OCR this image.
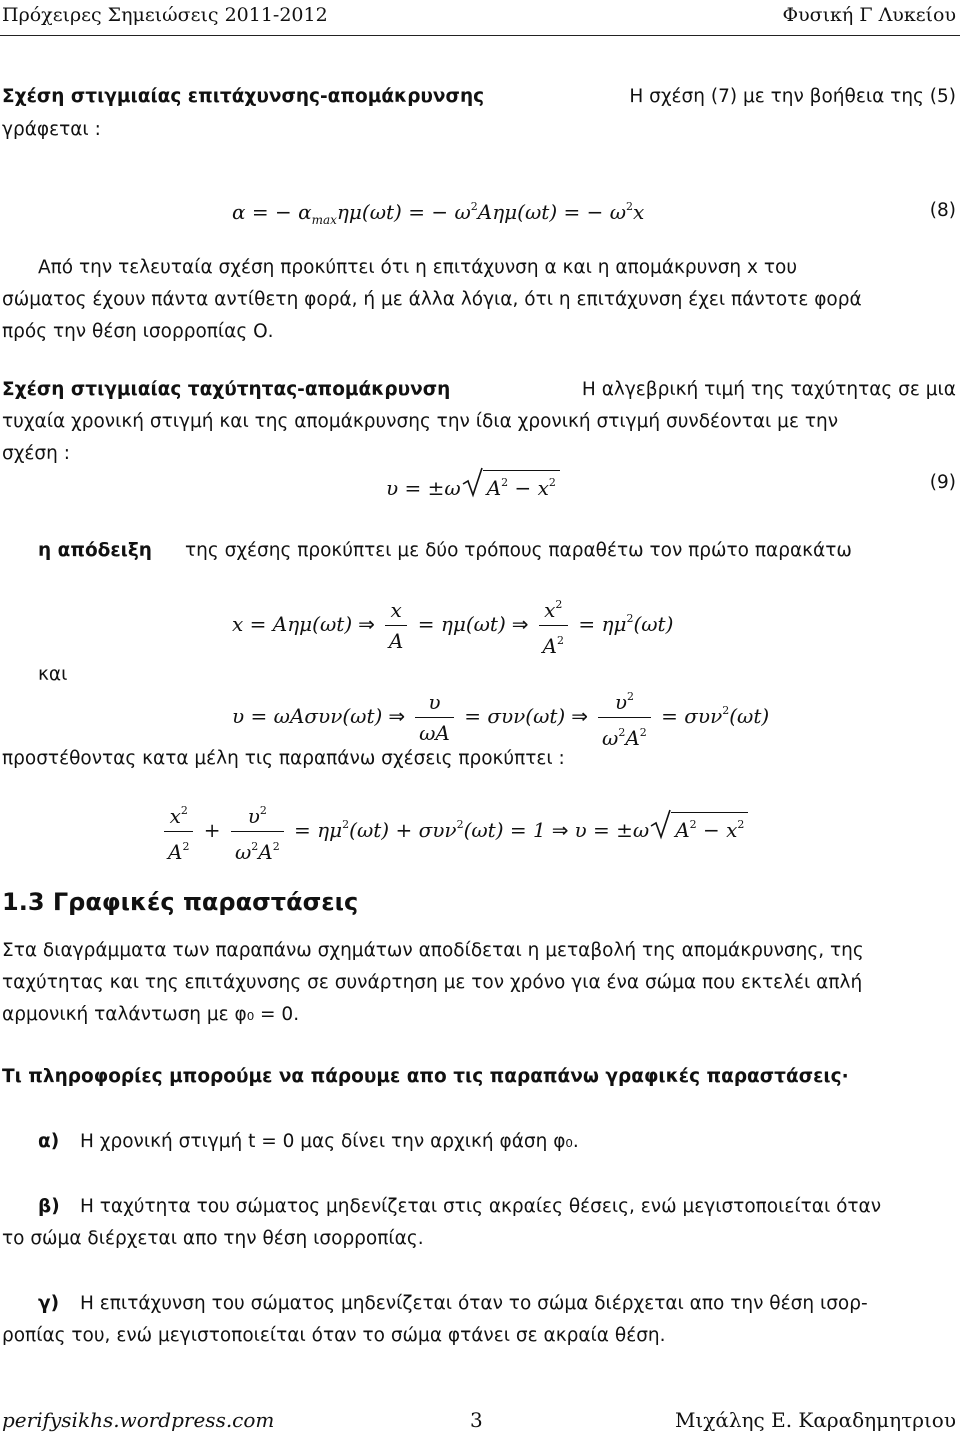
Πρόχειρες Σημειώσεις 2011-2012	Φυσική Γ Λυκείου
Σχέση στιγμιαίας επιτάχυνσης-απομάκρυνσης	Η σχέση (7) με την βοήθεια της (5)
γράφεται :
α = − $\alpha_{max}\eta\mu(\omega t)$ = − $\omega^2A\eta\mu(\omega t)$ = − $\omega^2x$	(8)
Από την τελευταία σχέση προκύπτει ότι η επιτάχυνση α και η απομάκρυνση x του
σώματος έχουν πάντα αντίθετη φορά, ή με άλλα λόγια, ότι η επιτάχυνση έχει πάντοτε φορά
πρός την θέση ισορροπίας Ο.
Σχέση στιγμιαίας ταχύτητας-απομάκρυνση	Η αλγεβρική τιμή της ταχύτητας σε μια
τυχαία χρονική στιγμή και της απομάκρυνσης την ίδια χρονική στιγμή συνδέονται με την
σχέση :
υ = ±ω $A^2 - x^2$	(9)
η απόδειξη της σχέσης προκύπτει με δύο τρόπους παραθέτω τον πρώτο παρακάτω
x = Αημ(ωt) ⇒ $\frac{x}{A} = \eta\mu(\omega t)$ ⇒ $\frac{x^2}{A^2} = \eta\mu^2(\omega t)$
και
υ = ωΑσυν(ωt) ⇒ $\frac{\upsilon}{\omega A} = \sigma\upsilon\nu(\omega t)$ ⇒ $\frac{\upsilon^2}{\omega^2A^2} = \sigma\upsilon\nu^2(\omega t)$
προστέθοντας κατα μέλη τις παραπάνω σχέσεις προκύπτει :
$\frac{x^2}{A^2} + \frac{\upsilon^2}{\omega^2A^2} = \eta\mu^2(\omega t) + \sigma\upsilon\nu^2(\omega t) = 1$ ⇒ υ = ±ω $A^2 - x^2$
1.3 Γραφικές παραστάσεις
Στα διαγράμματα των παραπάνω σχημάτων αποδίδεται η μεταβολή της απομάκρυνσης, της
ταχύτητας και της επιτάχυνσης σε συνάρτηση με τον χρόνο για ένα σώμα που εκτελέι απλή
αρμονική ταλάντωση με φ₀ = 0.
Τι πληροφορίες μπορούμε να πάρουμε απο τις παραπάνω γραφικές παραστάσεις·
α) Η χρονική στιγμή t = 0 μας δίνει την αρχική φάση φ₀.
β) Η ταχύτητα του σώματος μηδενίζεται στις ακραίες θέσεις, ενώ μεγιστοποιείται όταν
το σώμα διέρχεται απο την θέση ισορροπίας.
γ) Η επιτάχυνση του σώματος μηδενίζεται όταν το σώμα διέρχεται απο την θέση ισορ-
ροπίας του, ενώ μεγιστοποιείται όταν το σώμα φτάνει σε ακραία θέση.
perifysikhs.wordpress.com	3	Μιχάλης Ε. Καραδημητριου
